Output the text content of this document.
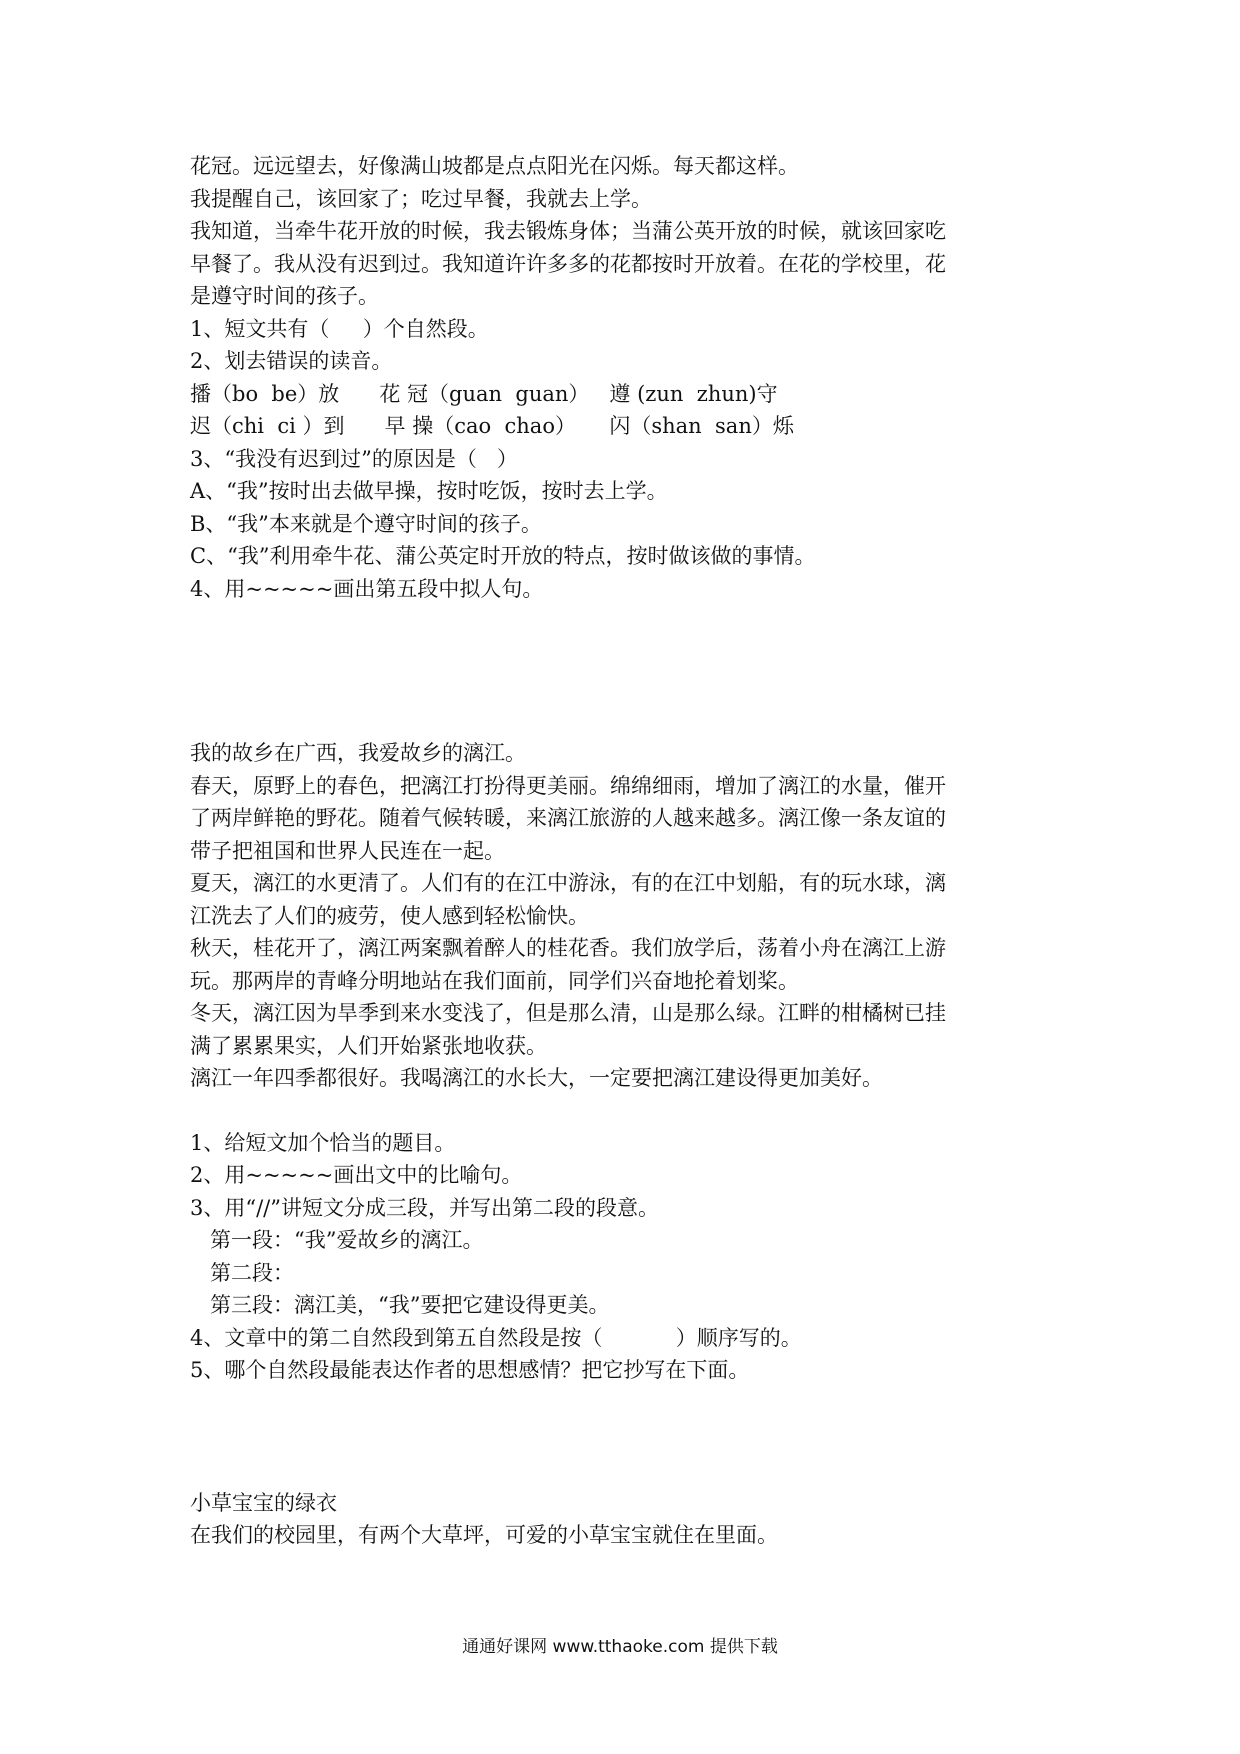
花冠。远远望去，好像满山坡都是点点阳光在闪烁。每天都这样。

我提醒自己，该回家了；吃过早餐，我就去上学。

我知道，当牵牛花开放的时候，我去锻炼身体；当蒲公英开放的时候，就该回家吃

早餐了。我从没有迟到过。我知道许许多多的花都按时开放着。在花的学校里，花

是遵守时间的孩子。

1、短文共有（     ）个自然段。

2、划去错误的读音。

播（bo  be）放      花 冠（guan  guan）   遵 (zun  zhun)守

迟（chi  ci ）到      早 操（cao  chao）     闪（shan  san）烁

3、“我没有迟到过”的原因是（   ）

A、“我”按时出去做早操，按时吃饭，按时去上学。

B、“我”本来就是个遵守时间的孩子。

C、“我”利用牵牛花、蒲公英定时开放的特点，按时做该做的事情。

4、用~~~~~画出第五段中拟人句。

我的故乡在广西，我爱故乡的漓江。

春天，原野上的春色，把漓江打扮得更美丽。绵绵细雨，增加了漓江的水量，催开

了两岸鲜艳的野花。随着气候转暖，来漓江旅游的人越来越多。漓江像一条友谊的

带子把祖国和世界人民连在一起。

夏天，漓江的水更清了。人们有的在江中游泳，有的在江中划船，有的玩水球，漓

江洗去了人们的疲劳，使人感到轻松愉快。

秋天，桂花开了，漓江两案飘着醉人的桂花香。我们放学后，荡着小舟在漓江上游

玩。那两岸的青峰分明地站在我们面前，同学们兴奋地抡着划桨。

冬天，漓江因为旱季到来水变浅了，但是那么清，山是那么绿。江畔的柑橘树已挂

满了累累果实，人们开始紧张地收获。

漓江一年四季都很好。我喝漓江的水长大，一定要把漓江建设得更加美好。

1、给短文加个恰当的题目。

2、用~~~~~画出文中的比喻句。

3、用“//”讲短文分成三段，并写出第二段的段意。

第一段：“我”爱故乡的漓江。

第二段：

第三段：漓江美，“我”要把它建设得更美。

4、文章中的第二自然段到第五自然段是按（           ）顺序写的。

5、哪个自然段最能表达作者的思想感情？把它抄写在下面。

小草宝宝的绿衣

在我们的校园里，有两个大草坪，可爱的小草宝宝就住在里面。

通通好课网 www.tthaoke.com 提供下载
